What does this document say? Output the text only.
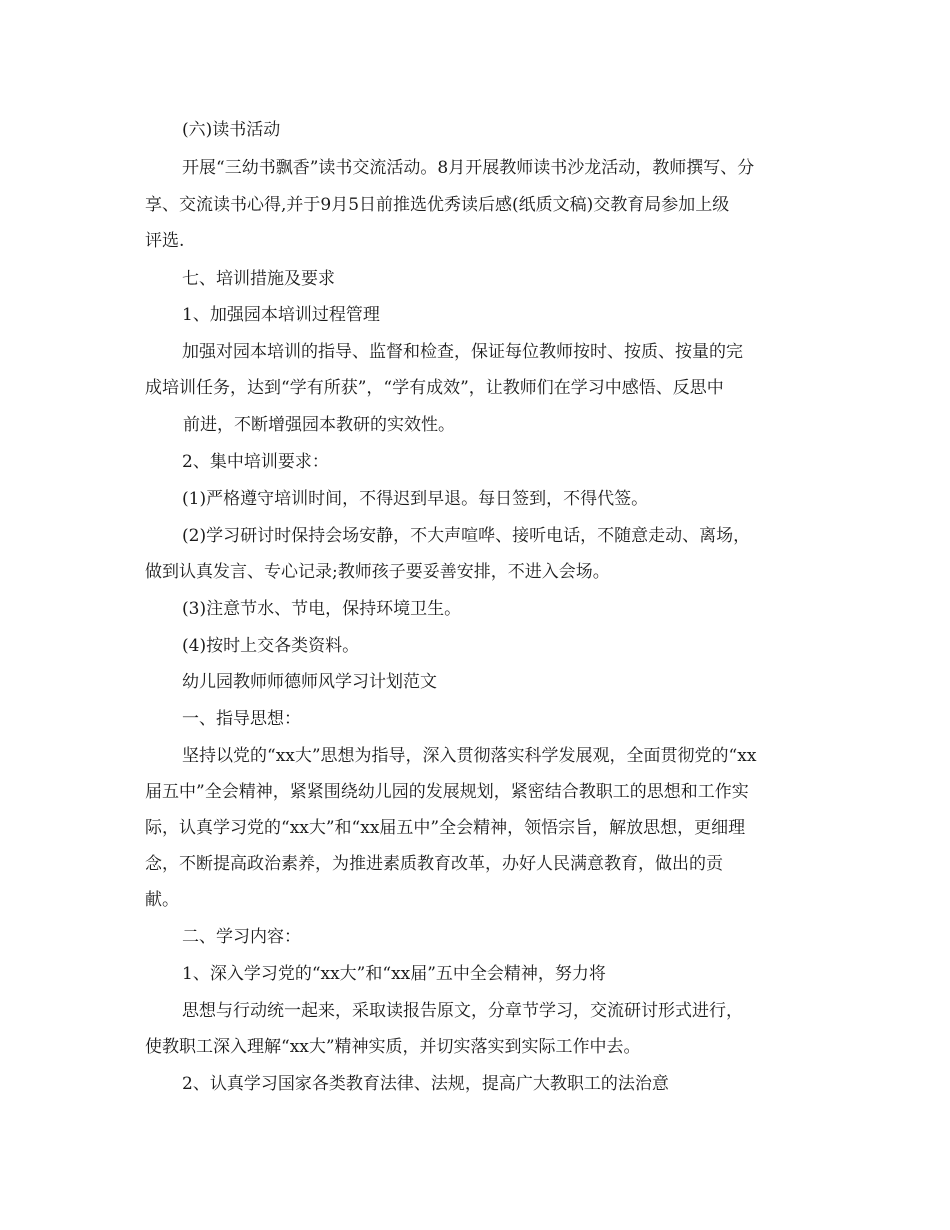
(六)读书活动
开展“三幼书飘香”读书交流活动。8月开展教师读书沙龙活动，教师撰写、分
享、交流读书心得,并于9月5日前推选优秀读后感(纸质文稿)交教育局参加上级
评选.
七、培训措施及要求
1、加强园本培训过程管理
加强对园本培训的指导、监督和检查，保证每位教师按时、按质、按量的完
成培训任务，达到“学有所获”，“学有成效”，让教师们在学习中感悟、反思中
前进，不断增强园本教研的实效性。
2、集中培训要求：
(1)严格遵守培训时间，不得迟到早退。每日签到，不得代签。
(2)学习研讨时保持会场安静，不大声喧哗、接听电话，不随意走动、离场，
做到认真发言、专心记录;教师孩子要妥善安排，不进入会场。
(3)注意节水、节电，保持环境卫生。
(4)按时上交各类资料。
幼儿园教师师德师风学习计划范文
一、指导思想：
坚持以党的“xx大”思想为指导，深入贯彻落实科学发展观，全面贯彻党的“xx
届五中”全会精神，紧紧围绕幼儿园的发展规划，紧密结合教职工的思想和工作实
际，认真学习党的“xx大”和“xx届五中”全会精神，领悟宗旨，解放思想，更细理
念，不断提高政治素养，为推进素质教育改革，办好人民满意教育，做出的贡
献。
二、学习内容：
1、深入学习党的“xx大”和“xx届”五中全会精神，努力将
思想与行动统一起来，采取读报告原文，分章节学习，交流研讨形式进行，
使教职工深入理解“xx大”精神实质，并切实落实到实际工作中去。
2、认真学习国家各类教育法律、法规，提高广大教职工的法治意
